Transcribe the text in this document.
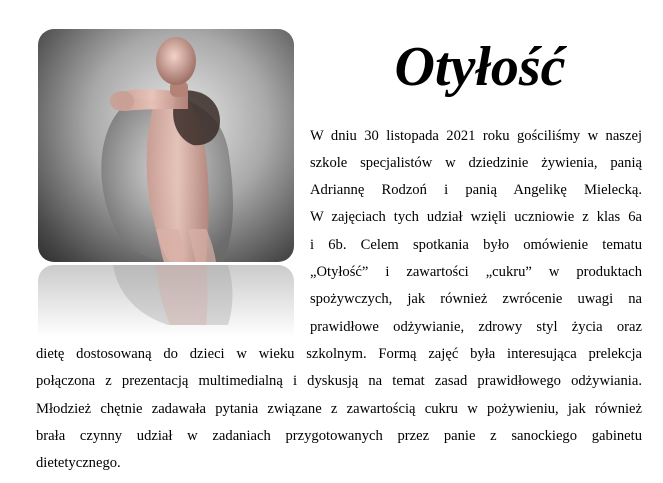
Otyłość
W dniu 30 listopada 2021 roku gościliśmy w naszej
szkole specjalistów w dziedzinie żywienia, panią
Adriannę Rodzoń i panią Angelikę Mielecką.
W zajęciach tych udział wzięli uczniowie z klas 6a
i 6b. Celem spotkania było omówienie tematu
„Otyłość” i zawartości „cukru” w produktach
spożywczych, jak również zwrócenie uwagi na
prawidłowe odżywianie, zdrowy styl życia oraz
dietę dostosowaną do dzieci w wieku szkolnym. Formą zajęć była interesująca prelekcja
połączona z prezentacją multimedialną i dyskusją na temat zasad prawidłowego odżywiania.
Młodzież chętnie zadawała pytania związane z zawartością cukru w pożywieniu, jak również
brała czynny udział w zadaniach przygotowanych przez panie z sanockiego gabinetu
dietetycznego.
